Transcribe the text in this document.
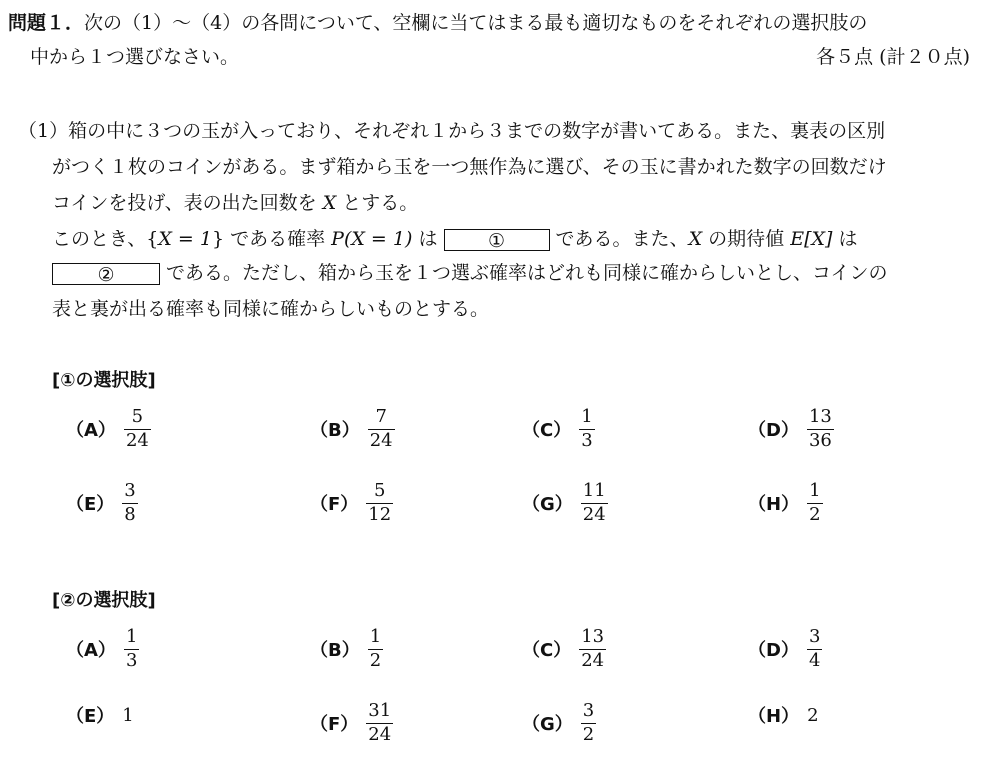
問題１．次の（1）～（4）の各問について、空欄に当てはまる最も適切なものをそれぞれの選択肢の
中から１つ選びなさい。	各５点 (計２０点)
（1）箱の中に３つの玉が入っており、それぞれ１から３までの数字が書いてある。また、裏表の区別
がつく１枚のコインがある。まず箱から玉を一つ無作為に選び、その玉に書かれた数字の回数だけ
コインを投げ、表の出た回数を X とする。
このとき、{X = 1} である確率 P(X = 1) は	①	である。また、X の期待値 E[X] は
②	である。ただし、箱から玉を１つ選ぶ確率はどれも同様に確からしいとし、コインの
表と裏が出る確率も同様に確からしいものとする。
[①の選択肢]
$(A) \frac{5}{24}$	$(B) \frac{7}{24}$	$(C) \frac{1}{3}$	$(D) \frac{13}{36}$
$(E) \frac{3}{8}$	$(F) \frac{5}{12}$	$(G) \frac{11}{24}$	$(H) \frac{1}{2}$
[②の選択肢]
$(A) \frac{1}{3}$	$(B) \frac{1}{2}$	$(C) \frac{13}{24}$	$(D) \frac{3}{4}$
（E） 1	$(F) \frac{31}{24}$	$(G) \frac{3}{2}$	（H） 2
